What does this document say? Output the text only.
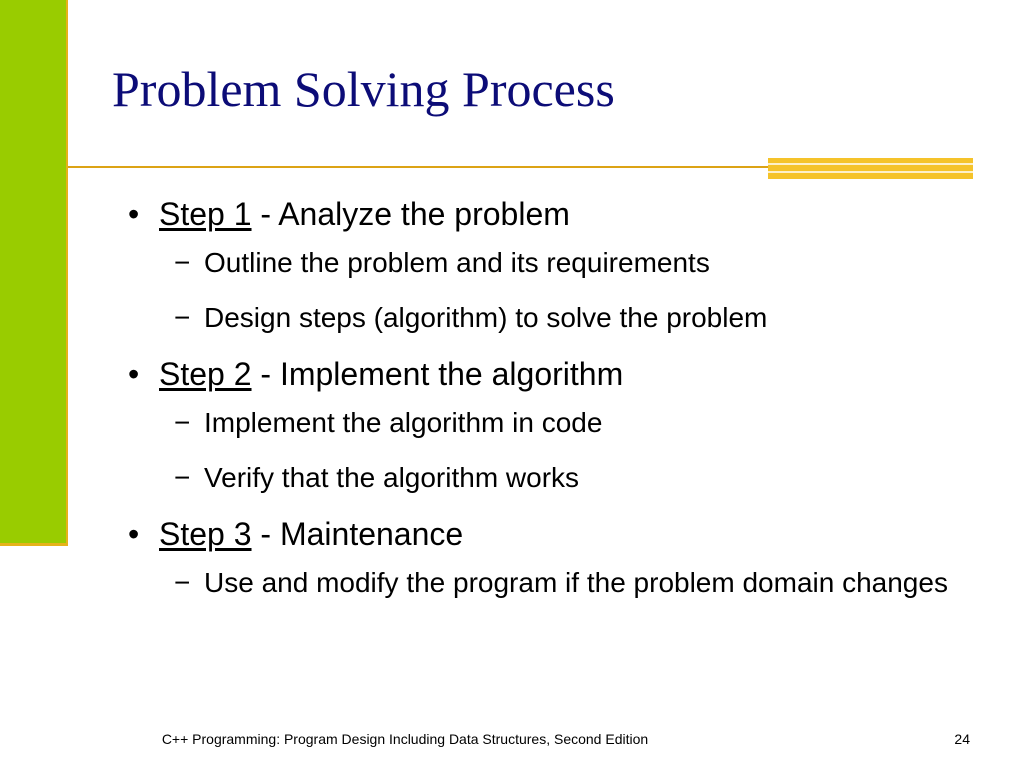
Problem Solving Process
• Step 1 - Analyze the problem
− Outline the problem and its requirements
− Design steps (algorithm) to solve the problem
• Step 2 - Implement the algorithm
− Implement the algorithm in code
− Verify that the algorithm works
• Step 3 - Maintenance
− Use and modify the program if the problem domain changes
C++ Programming: Program Design Including Data Structures, Second Edition	24
